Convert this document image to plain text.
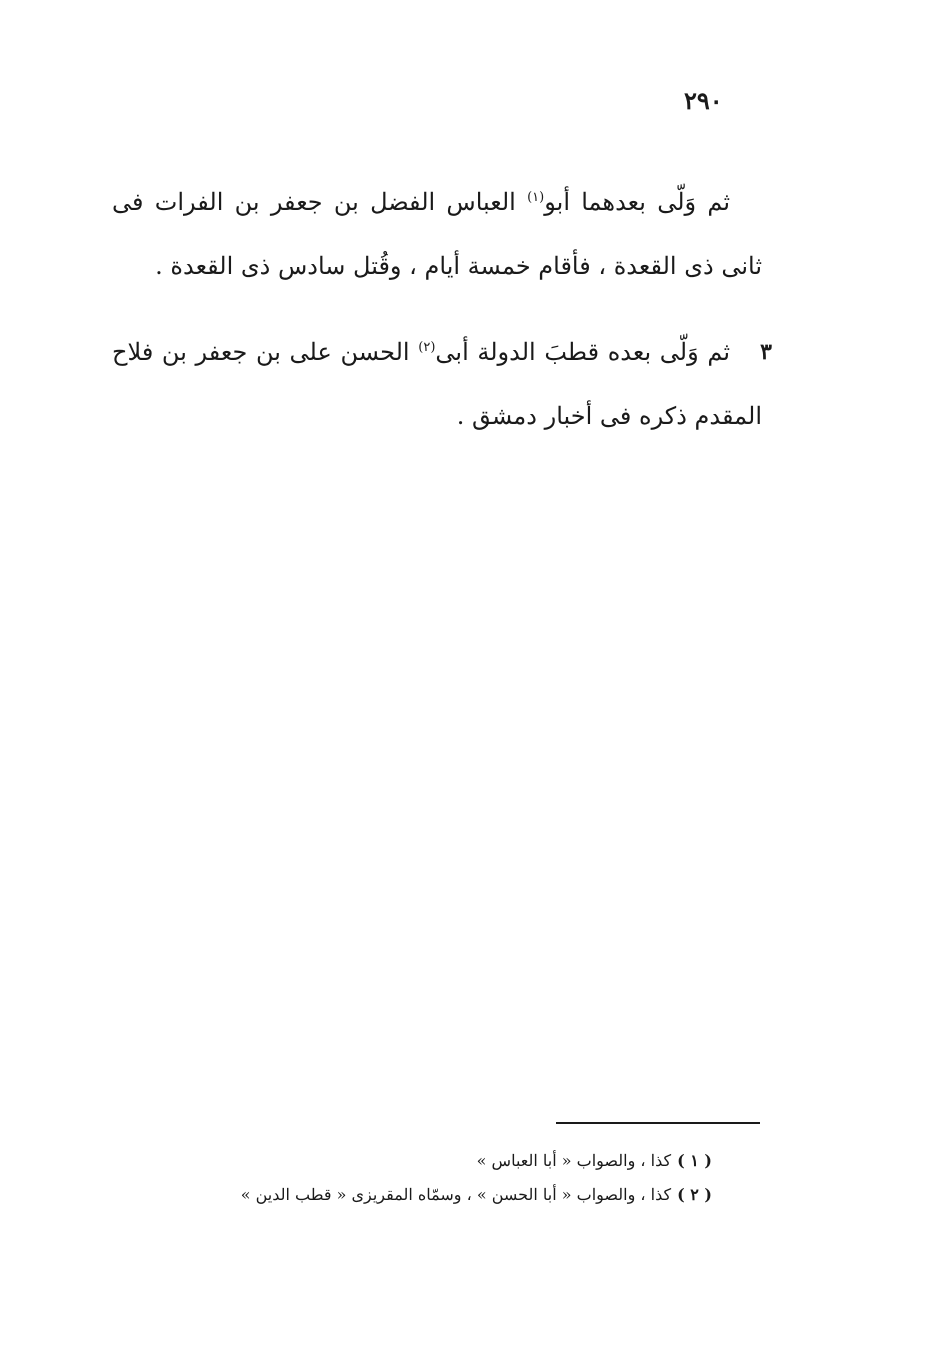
٢٩٠

ثم وَلّى بعدهما أبو$^{(١)}$ العباس الفضل بن جعفر بن الفرات فى ثانى ذى القعدة ، فأقام خمسة أيام ، وقُتل سادس ذى القعدة .

٣
ثم وَلّى بعده قطبَ الدولة أبى$^{(٢)}$ الحسن على بن جعفر بن فلاح المقدم ذكره فى أخبار دمشق .

( ١ )كذا ، والصواب « أبا العباس »

( ٢ )كذا ، والصواب « أبا الحسن » ، وسمّاه المقريزى « قطب الدين »
